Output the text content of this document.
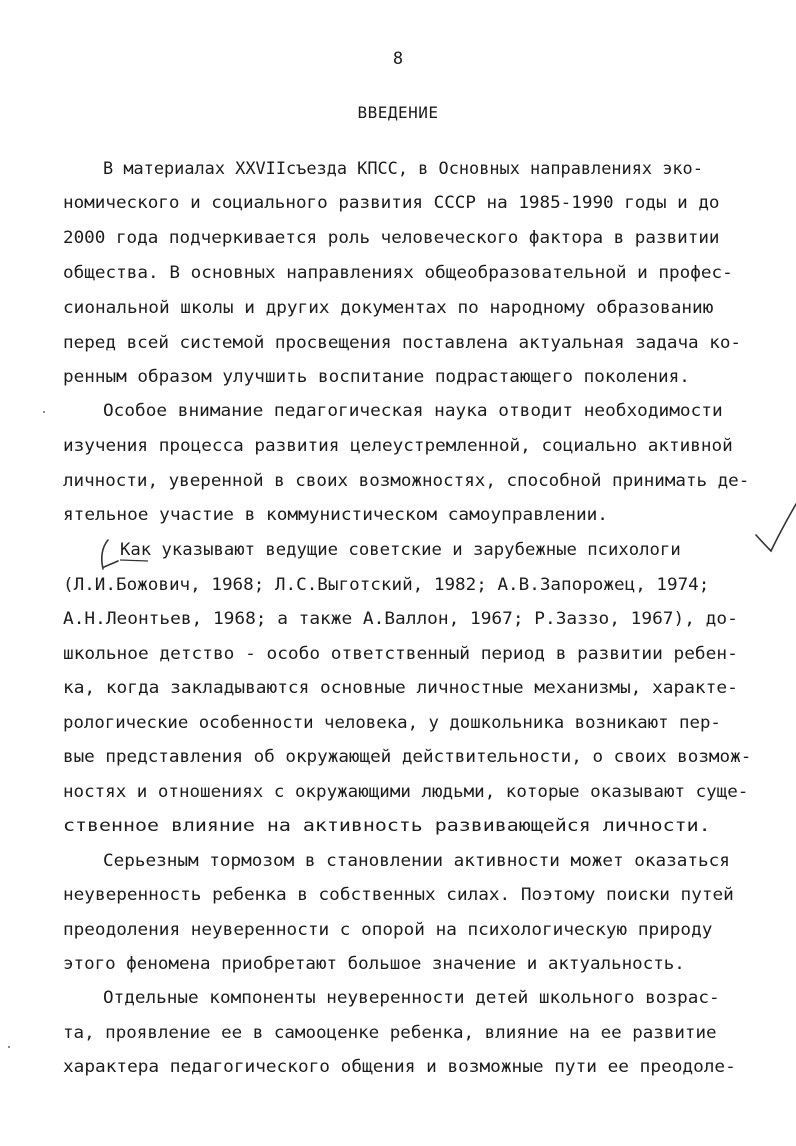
8
ВВЕДЕНИЕ
В материалах XXVIIсъезда КПСС, в Основных направлениях эко-
номического и социального развития СССР на 1985-1990 годы и до
2000 года подчеркивается роль человеческого фактора в развитии
общества. В основных направлениях общеобразовательной и профес-
сиональной школы и других документах по народному образованию
перед всей системой просвещения поставлена актуальная задача ко-
ренным образом улучшить воспитание подрастающего поколения.
Особое внимание педагогическая наука отводит необходимости
изучения процесса развития целеустремленной, социально активной
личности, уверенной в своих возможностях, способной принимать де-
ятельное участие в коммунистическом самоуправлении.
Как указывают ведущие советские и зарубежные психологи
(Л.И.Божович, 1968; Л.С.Выготский, 1982; А.В.Запорожец, 1974;
А.Н.Леонтьев, 1968; а также А.Валлон, 1967; Р.Заззо, 1967), до-
школьное детство - особо ответственный период в развитии ребен-
ка, когда закладываются основные личностные механизмы, характе-
рологические особенности человека, у дошкольника возникают пер-
вые представления об окружающей действительности, о своих возмож-
ностях и отношениях с окружающими людьми, которые оказывают суще-
ственное влияние на активность развивающейся личности.
Серьезным тормозом в становлении активности может оказаться
неуверенность ребенка в собственных силах. Поэтому поиски путей
преодоления неуверенности с опорой на психологическую природу
этого феномена приобретают большое значение и актуальность.
Отдельные компоненты неуверенности детей школьного возрас-
та, проявление ее в самооценке ребенка, влияние на ее развитие
характера педагогического общения и возможные пути ее преодоле-
